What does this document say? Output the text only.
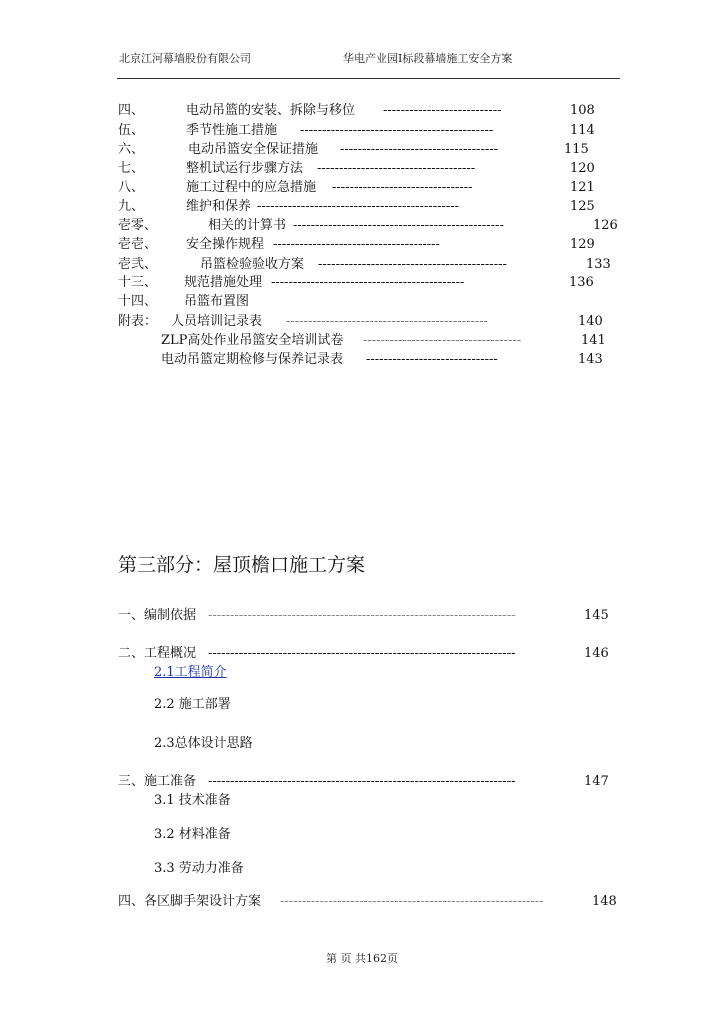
北京江河幕墙股份有限公司	华电产业园Ⅰ标段幕墙施工安全方案
四、	电动吊篮的安装、拆除与移位 ---------------------------	108
伍、	季节性施工措施 --------------------------------------------	114
六、	电动吊篮安全保证措施 ------------------------------------	115
七、	整机试运行步骤方法 ------------------------------------	120
八、	施工过程中的应急措施 --------------------------------	121
九、	维护和保养 ----------------------------------------------	125
壱零、	相关的计算书 ------------------------------------------------	126
壱壱、 安全操作规程 --------------------------------------	129
壱弐、	吊篮检验验收方案 -------------------------------------------	133
十三、 规范措施处理 --------------------------------------------	136
十四、 吊篮布置图
附表： 人员培训记录表 ----------------------------------------------	140
ZLP高处作业吊篮安全培训试卷 ------------------------------------	141
电动吊篮定期检修与保养记录表 ------------------------------	143
第三部分：屋顶檐口施工方案
一、编制依据 ----------------------------------------------------------------------	145
二、工程概况 ----------------------------------------------------------------------	146
2.1工程简介
2.2 施工部署
2.3总体设计思路
三、施工准备 ----------------------------------------------------------------------	147
3.1 技术准备
3.2 材料准备
3.3 劳动力准备
四、各区脚手架设计方案 ------------------------------------------------------------	148
第 页 共162页
